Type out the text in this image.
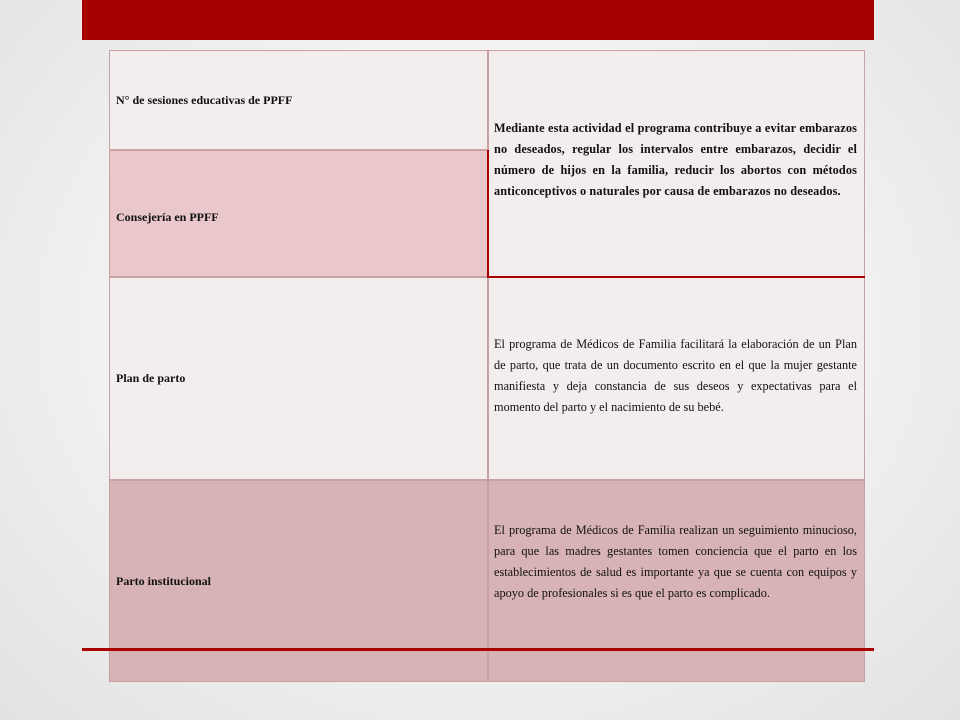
N° de sesiones educativas de PPFF
Consejería en PPFF
Plan de parto
Parto institucional
Mediante esta actividad el programa contribuye a evitar embarazos no deseados, regular los intervalos entre embarazos, decidir el número de hijos en la familia, reducir los abortos con métodos anticonceptivos o naturales por causa de embarazos no deseados.
El programa de Médicos de Familia facilitará la elaboración de un Plan de parto, que trata de un documento escrito en el que la mujer gestante manifiesta y deja constancia de sus deseos y expectativas para el momento del parto y el nacimiento de su bebé.
El programa de Médicos de Familia realizan un seguimiento minucioso, para que las madres gestantes tomen conciencia que el parto en los establecimientos de salud es importante ya que se cuenta con equipos y apoyo de profesionales si es que el parto es complicado.
